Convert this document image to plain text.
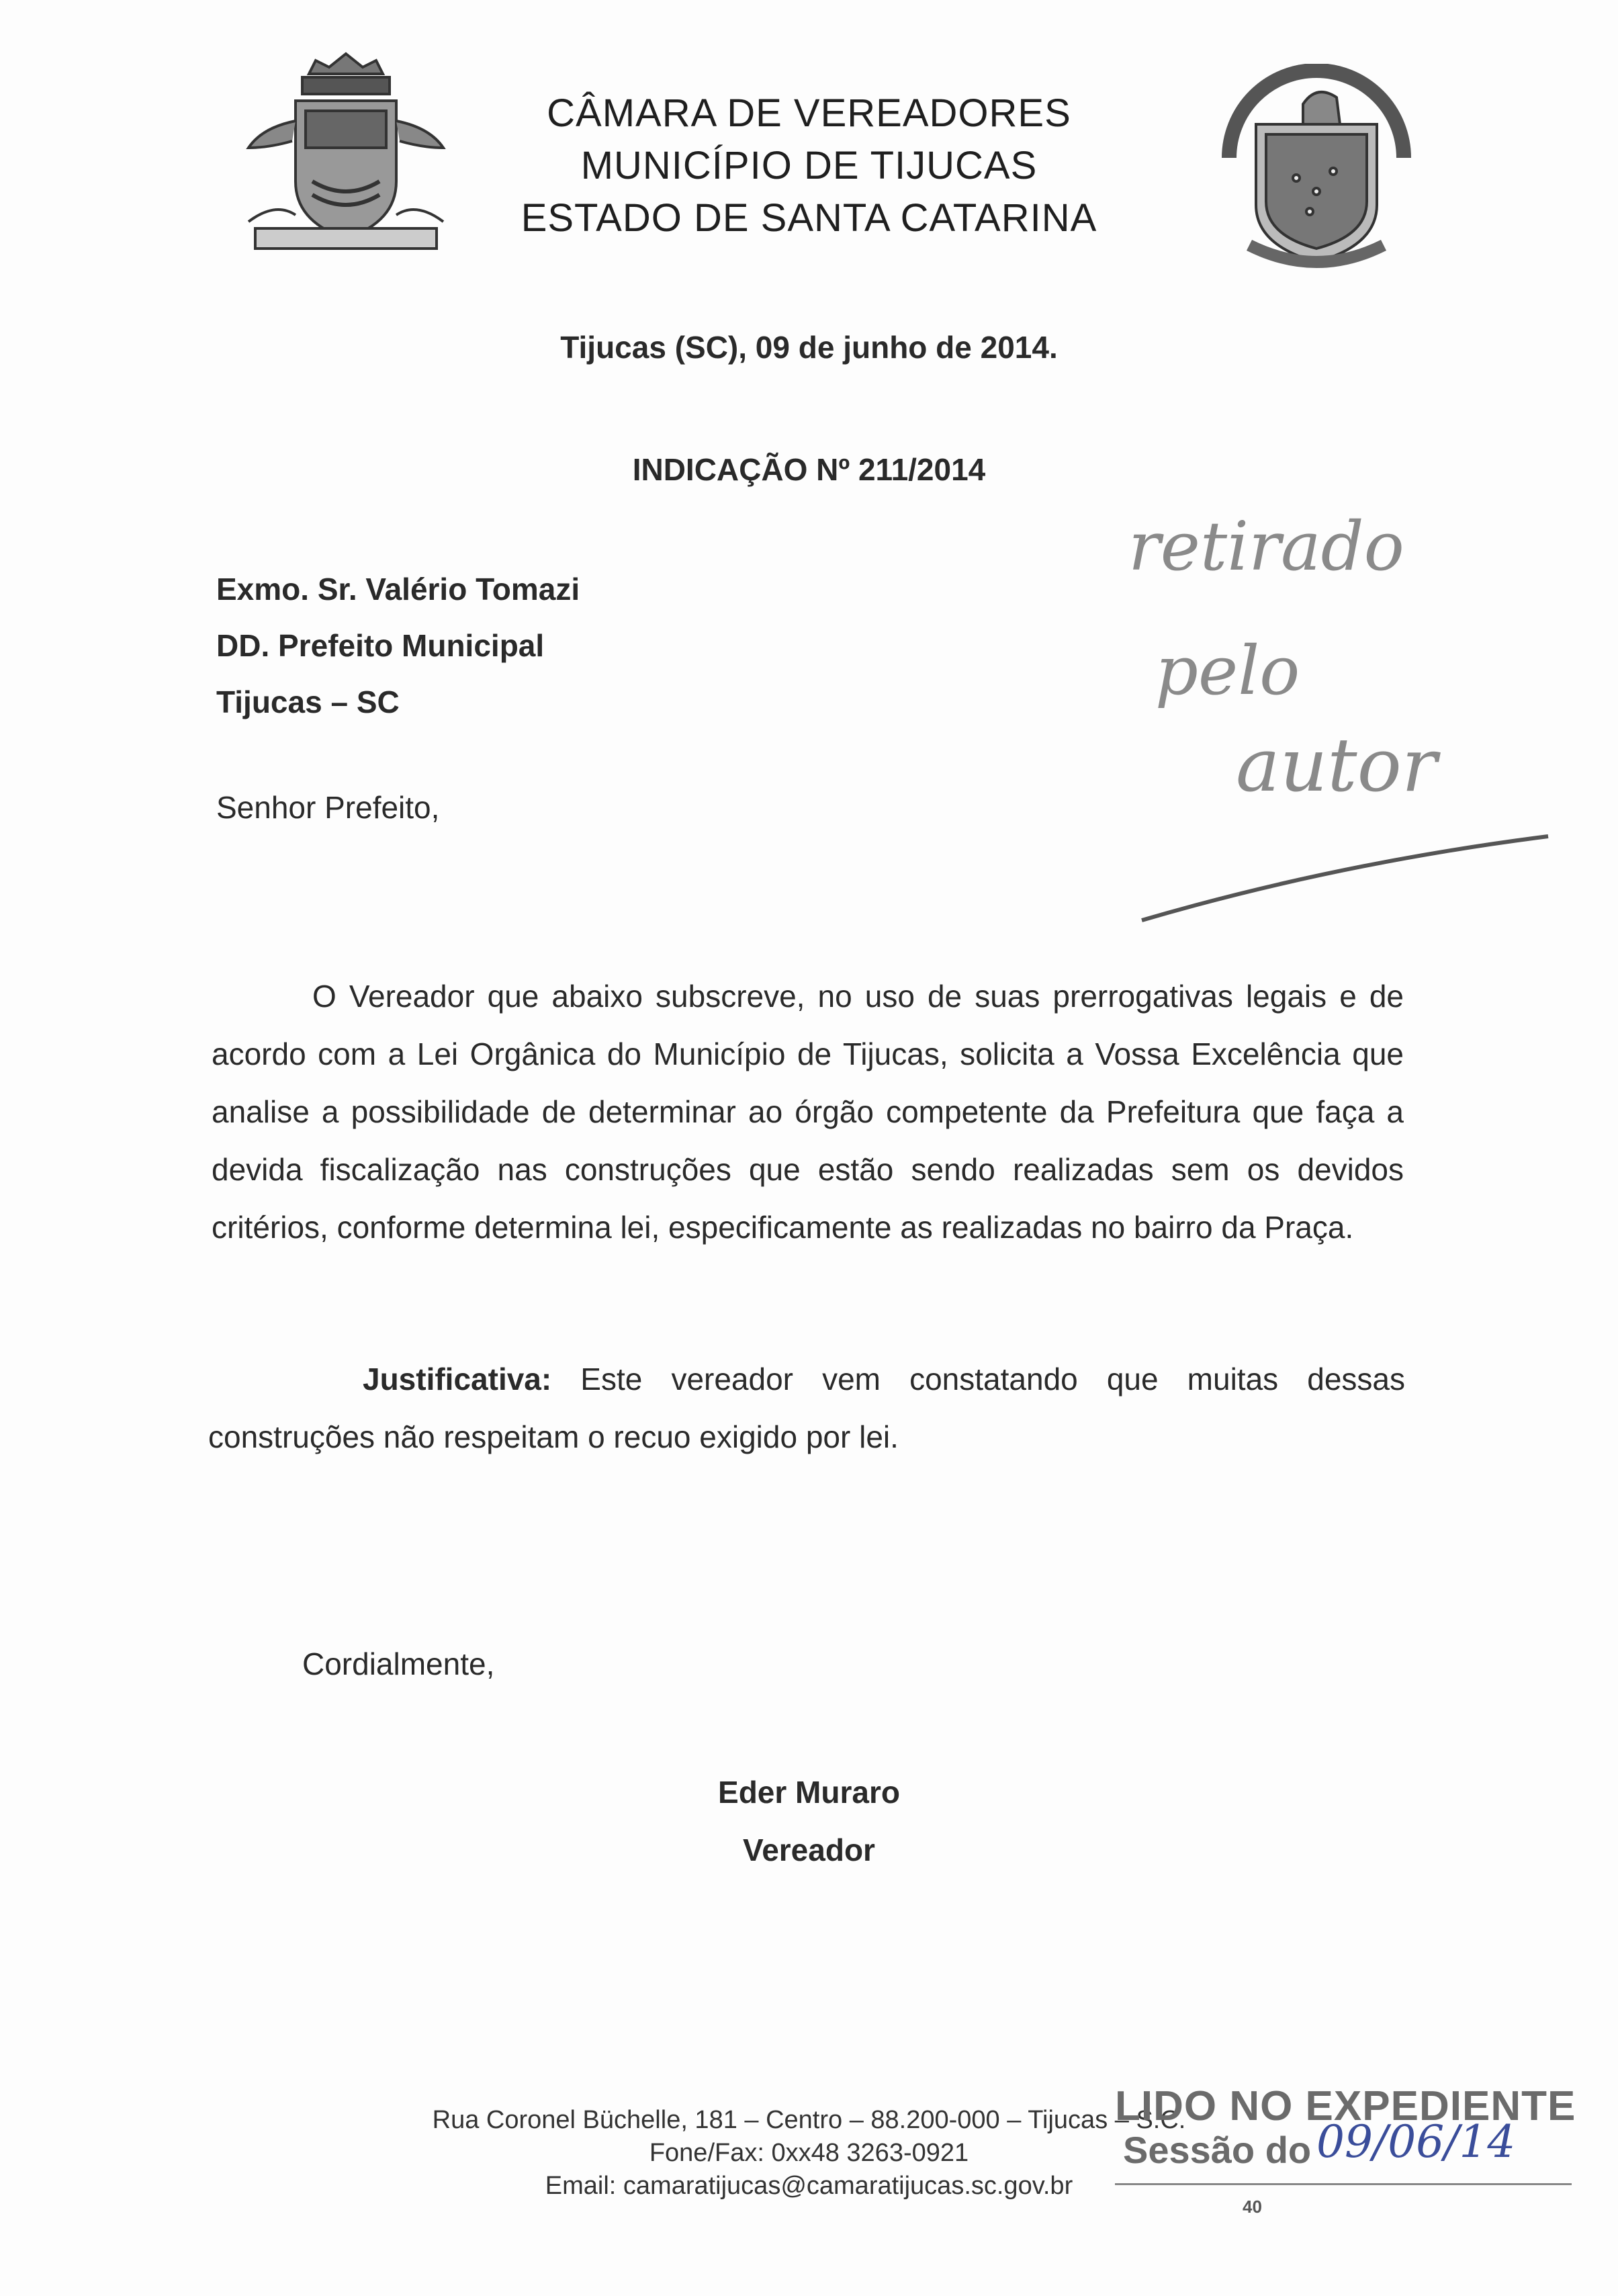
CÂMARA DE VEREADORES
MUNICÍPIO DE TIJUCAS
ESTADO DE SANTA CATARINA
Tijucas (SC), 09 de junho de 2014.
INDICAÇÃO Nº 211/2014
Exmo. Sr. Valério Tomazi
DD. Prefeito Municipal
Tijucas – SC
Senhor Prefeito,
retirado
pelo
autor

O Vereador que abaixo subscreve, no uso de suas prerrogativas legais e de acordo com a Lei Orgânica do Município de Tijucas, solicita a Vossa Excelência que analise a possibilidade de determinar ao órgão competente da Prefeitura que faça a devida fiscalização nas construções que estão sendo realizadas sem os devidos critérios, conforme determina lei, especificamente as realizadas no bairro da Praça.

Justificativa: Este vereador vem constatando que muitas dessas construções não respeitam o recuo exigido por lei.

Cordialmente,
Eder Muraro
Vereador
Rua Coronel Büchelle, 181 – Centro – 88.200-000 – Tijucas – S.C.
Fone/Fax: 0xx48 3263-0921
Email: camaratijucas@camaratijucas.sc.gov.br
LIDO NO EXPEDIENTE
Sessão do 09/06/14
40
